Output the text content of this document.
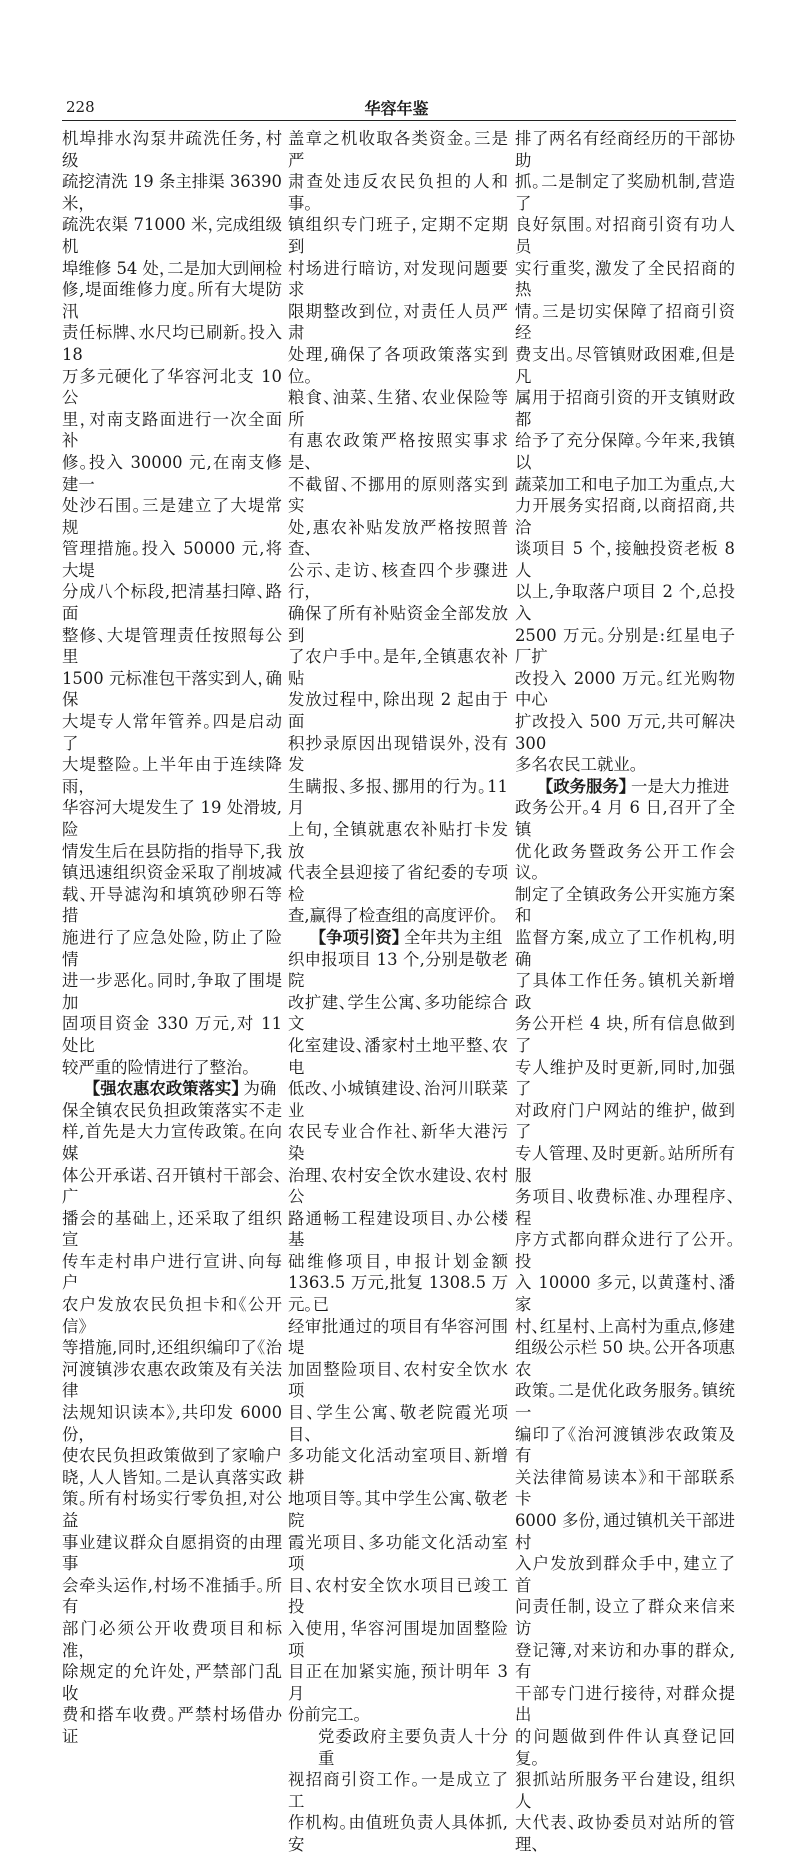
228	华容年鉴
机埠排水沟泵井疏洗任务，村级
疏挖清洗 19 条主排渠 36390 米，
疏洗农渠 71000 米，完成组级机
埠维修 54 处，二是加大剅闸检
修,堤面维修力度。所有大堤防汛
责任标牌、水尺均已刷新。投入 18
万多元硬化了华容河北支 10 公
里，对南支路面进行一次全面补
修。投入 30000 元,在南支修建一
处沙石围。三是建立了大堤常规
管理措施。投入 50000 元,将大堤
分成八个标段,把清基扫障、路面
整修、大堤管理责任按照每公里
1500 元标准包干落实到人，确保
大堤专人常年管养。四是启动了
大堤整险。上半年由于连续降雨，
华容河大堤发生了 19 处滑坡,险
情发生后在县防指的指导下,我
镇迅速组织资金采取了削坡减
载、开导滤沟和填筑砂卵石等措
施进行了应急处险，防止了险情
进一步恶化。同时,争取了围堤加
固项目资金 330 万元,对 11 处比
较严重的险情进行了整治。
【强农惠农政策落实】 为确
保全镇农民负担政策落实不走
样,首先是大力宣传政策。在向媒
体公开承诺、召开镇村干部会、广
播会的基础上，还采取了组织宣
传车走村串户进行宣讲、向每户
农户发放农民负担卡和《公开信》
等措施,同时,还组织编印了《治
河渡镇涉农惠农政策及有关法律
法规知识读本》,共印发 6000 份，
使农民负担政策做到了家喻户
晓，人人皆知。二是认真落实政
策。所有村场实行零负担,对公益
事业建议群众自愿捐资的由理事
会牵头运作,村场不准插手。所有
部门必须公开收费项目和标准，
除规定的允许处，严禁部门乱收
费和搭车收费。严禁村场借办证
盖章之机收取各类资金。三是严
肃查处违反农民负担的人和事。
镇组织专门班子，定期不定期到
村场进行暗访，对发现问题要求
限期整改到位，对责任人员严肃
处理,确保了各项政策落实到位。
粮食、油菜、生猪、农业保险等所
有惠农政策严格按照实事求是、
不截留、不挪用的原则落实到实
处,惠农补贴发放严格按照普查、
公示、走访、核查四个步骤进行，
确保了所有补贴资金全部发放到
了农户手中。是年,全镇惠农补贴
发放过程中，除出现 2 起由于面
积抄录原因出现错误外，没有发
生瞒报、多报、挪用的行为。11 月
上旬，全镇就惠农补贴打卡发放
代表全县迎接了省纪委的专项检
查,赢得了检查组的高度评价。
【争项引资】 全年共为主组
织申报项目 13 个,分别是敬老院
改扩建、学生公寓、多功能综合文
化室建设、潘家村土地平整、农电
低改、小城镇建设、治河川联菜业
农民专业合作社、新华大港污染
治理、农村安全饮水建设、农村公
路通畅工程建设项目、办公楼基
础维修项目，申报计划金额
1363.5 万元,批复 1308.5 万元。已
经审批通过的项目有华容河围堤
加固整险项目、农村安全饮水项
目、学生公寓、敬老院霞光项目、
多功能文化活动室项目、新增耕
地项目等。其中学生公寓、敬老院
霞光项目、多功能文化活动室项
目、农村安全饮水项目已竣工投
入使用，华容河围堤加固整险项
目正在加紧实施，预计明年 3 月
份前完工。
党委政府主要负责人十分重
视招商引资工作。一是成立了工
作机构。由值班负责人具体抓,安
排了两名有经商经历的干部协助
抓。二是制定了奖励机制,营造了
良好氛围。对招商引资有功人员
实行重奖，激发了全民招商的热
情。三是切实保障了招商引资经
费支出。尽管镇财政困难,但是凡
属用于招商引资的开支镇财政都
给予了充分保障。今年来,我镇以
蔬菜加工和电子加工为重点,大
力开展务实招商,以商招商,共洽
谈项目 5 个，接触投资老板 8 人
以上,争取落户项目 2 个,总投入
2500 万元。分别是:红星电子厂扩
改投入 2000 万元。红光购物中心
扩改投入 500 万元,共可解决 300
多名农民工就业。
【政务服务】 一是大力推进
政务公开。4 月 6 日,召开了全镇
优化政务暨政务公开工作会议。
制定了全镇政务公开实施方案和
监督方案,成立了工作机构,明确
了具体工作任务。镇机关新增政
务公开栏 4 块，所有信息做到了
专人维护及时更新,同时,加强了
对政府门户网站的维护，做到了
专人管理、及时更新。站所所有服
务项目、收费标准、办理程序、程
序方式都向群众进行了公开。投
入 10000 多元，以黄蓬村、潘家
村、红星村、上高村为重点,修建
组级公示栏 50 块。公开各项惠农
政策。二是优化政务服务。镇统一
编印了《治河渡镇涉农政策及有
关法律简易读本》和干部联系卡
6000 多份，通过镇机关干部进村
入户发放到群众手中，建立了首
问责任制，设立了群众来信来访
登记簿,对来访和办事的群众,有
干部专门进行接待，对群众提出
的问题做到件件认真登记回复。
狠抓站所服务平台建设，组织人
大代表、政协委员对站所的管理、
